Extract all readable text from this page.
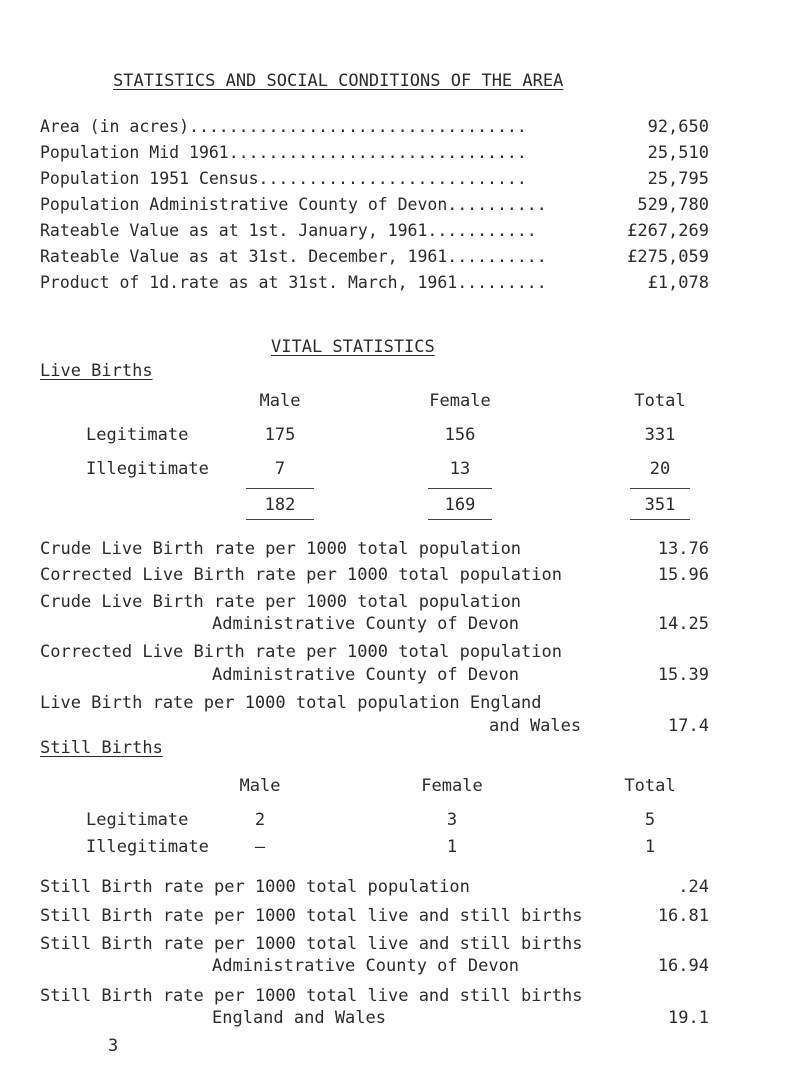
STATISTICS AND SOCIAL CONDITIONS OF THE AREA
Area (in acres)..................................	92,650
Population Mid 1961..............................	25,510
Population 1951 Census...........................	25,795
Population Administrative County of Devon..........	529,780
Rateable Value as at 1st. January, 1961...........	£267,269
Rateable Value as at 31st. December, 1961..........	£275,059
Product of 1d.rate as at 31st. March, 1961.........	£1,078
VITAL STATISTICS
Live Births
Male	Female	Total
Legitimate	175	156	331
Illegitimate	7	13	20
182	169	351
Crude Live Birth rate per 1000 total population	13.76
Corrected Live Birth rate per 1000 total population	15.96
Crude Live Birth rate per 1000 total population
Administrative County of Devon	14.25
Corrected Live Birth rate per 1000 total population
Administrative County of Devon	15.39
Live Birth rate per 1000 total population England
and Wales	17.4
Still Births
Male	Female	Total
Legitimate	2	3	5
Illegitimate	—	1	1
Still Birth rate per 1000 total population	.24
Still Birth rate per 1000 total live and still births	16.81
Still Birth rate per 1000 total live and still births
Administrative County of Devon	16.94
Still Birth rate per 1000 total live and still births
England and Wales	19.1
3
